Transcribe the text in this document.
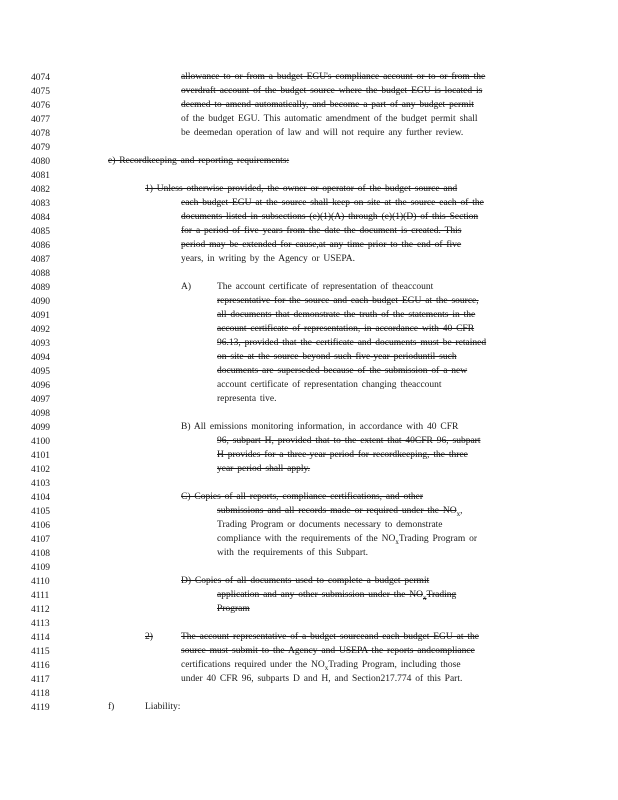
4074
4075
4076
4077
4078
4079
4080
4081
4082
4083
4084
4085
4086
4087
4088
4089
4090
4091
4092
4093
4094
4095
4096
4097
4098
4099
4100
4101
4102
4103
4104
4105
4106
4107
4108
4109
4110
4111
4112
4113
4114
4115
4116
4117
4118
4119
allowance to or from a budget EGU's compliance account or to or from the
overdraft account of the budget source where the budget EGU is located is
deemed to amend automatically, and become a part of any budget permit
of the budget EGU. This automatic amendment of the budget permit shall
be deemedan operation of law and will not require any further review.
e) Recordkeeping and reporting requirements:
1) Unless otherwise provided, the owner or operator of the budget source and
each budget EGU at the source shall keep on site at the source each of the
documents listed in subsections (e)(1)(A) through (e)(1)(D) of this Section
for a period of five years from the date the document is created. This
period may be extended for cause,at any time prior to the end of five
years, in writing by the Agency or USEPA.
A)	The account certificate of representation of theaccount
representative for the source and each budget EGU at the source,
all documents that demonstrate the truth of the statements in the
account certificate of representation, in accordance with 40 CFR
96.13, provided that the certificate and documents must be retained
on site at the source beyond such five-year perioduntil such
documents are superseded because of the submission of a new
account certificate of representation changing theaccount
representa tive.
B) All emissions monitoring information, in accordance with 40 CFR
96, subpart H, provided that to the extent that 40CFR 96, subpart
H provides for a three-year period for recordkeeping, the three
year period shall apply.
C) Copies of all reports, compliance certifications, and other
submissions and all records made or required under the $NO_x$,
Trading Program or documents necessary to demonstrate
compliance with the requirements of the $NO_xTrading$ Program or
with the requirements of this Subpart.
D) Copies of all documents used to complete a budget permit
application and any other submission under the $NO_xTrading$
Program
2)	The account representative of a budget sourceand each budget EGU at the
source must submit to the Agency and USEPA the reports andcompliance
certifications required under the $NO_xTrading$ Program, including those
under 40 CFR 96, subparts D and H, and Section217.774 of this Part.
f)	Liability:
